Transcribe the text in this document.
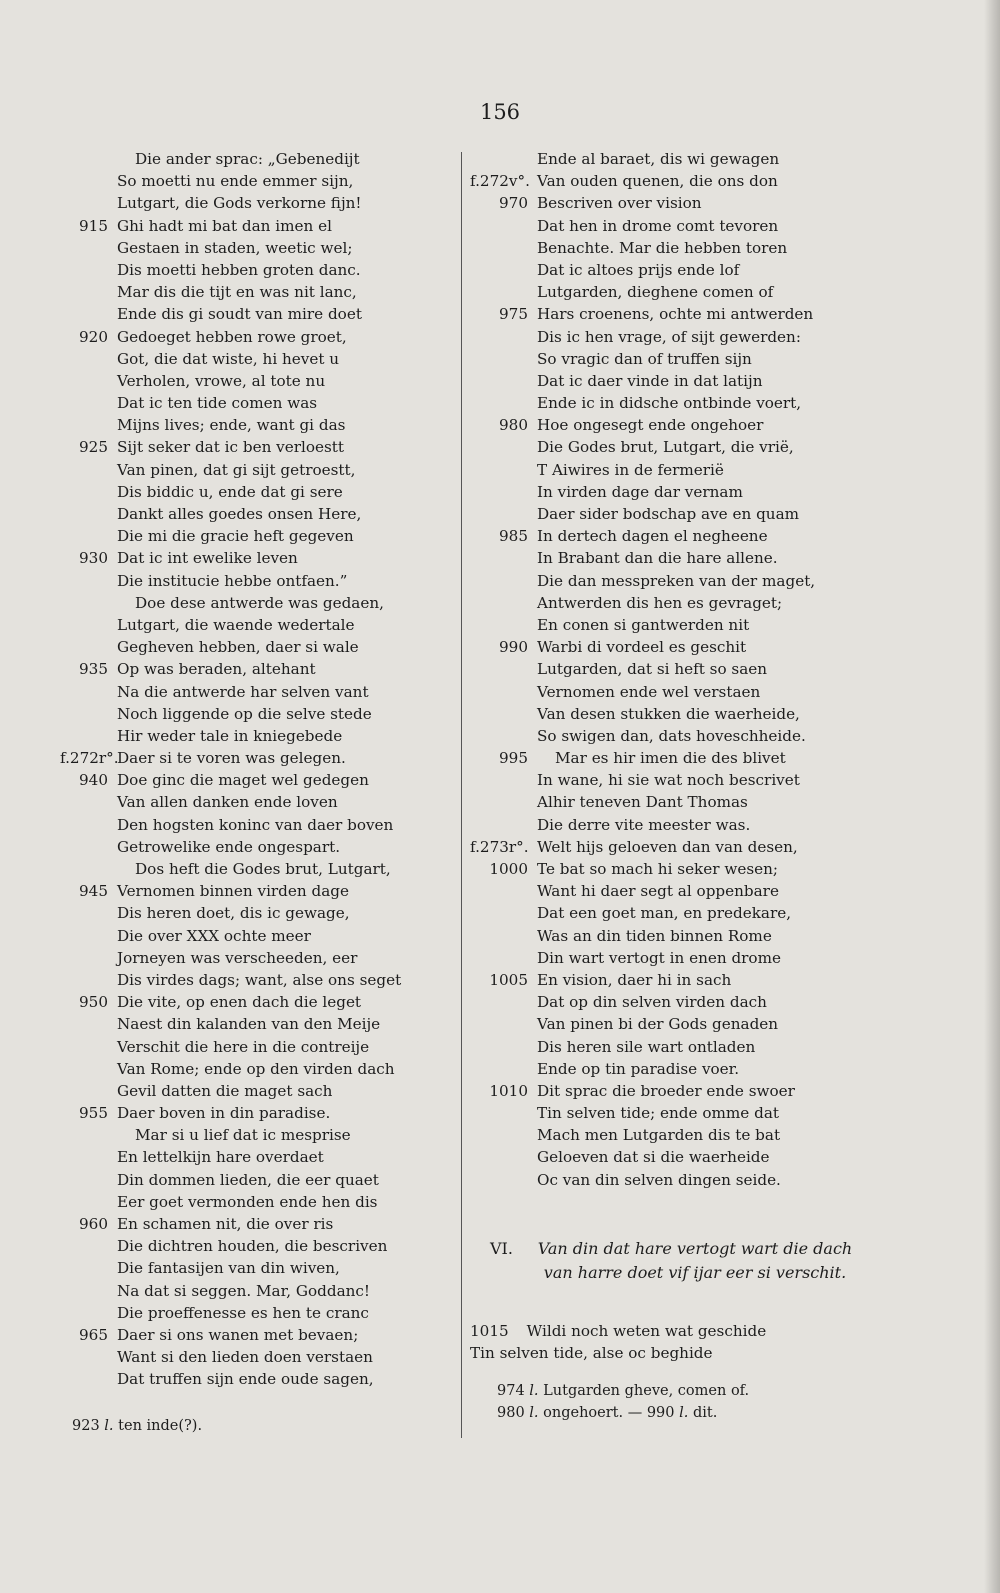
156
Die ander sprac: „Gebenedijt
So moetti nu ende emmer sijn,
Lutgart, die Gods verkorne fijn!
915 Ghi hadt mi bat dan imen el
Gestaen in staden, weetic wel;
Dis moetti hebben groten danc.
Mar dis die tijt en was nit lanc,
Ende dis gi soudt van mire doet
920 Gedoeget hebben rowe groet,
Got, die dat wiste, hi hevet u
Verholen, vrowe, al tote nu
Dat ic ten tide comen was
Mijns lives; ende, want gi das
925 Sijt seker dat ic ben verloestt
Van pinen, dat gi sijt getroestt,
Dis biddic u, ende dat gi sere
Dankt alles goedes onsen Here,
Die mi die gracie heft gegeven
930 Dat ic int ewelike leven
Die institucie hebbe ontfaen.”
Doe dese antwerde was gedaen,
Lutgart, die waende wedertale
Gegheven hebben, daer si wale
935 Op was beraden, altehant
Na die antwerde har selven vant
Noch liggende op die selve stede
Hir weder tale in kniegebede
f.272r°.Daer si te voren was gelegen.
940 Doe ginc die maget wel gedegen
Van allen danken ende loven
Den hogsten koninc van daer boven
Getrowelike ende ongespart.
Dos heft die Godes brut, Lutgart,
945 Vernomen binnen virden dage
Dis heren doet, dis ic gewage,
Die over XXX ochte meer
Jorneyen was verscheeden, eer
Dis virdes dags; want, alse ons seget
950 Die vite, op enen dach die leget
Naest din kalanden van den Meije
Verschit die here in die contreije
Van Rome; ende op den virden dach
Gevil datten die maget sach
955 Daer boven in din paradise.
Mar si u lief dat ic mesprise
En lettelkijn hare overdaet
Din dommen lieden, die eer quaet
Eer goet vermonden ende hen dis
960 En schamen nit, die over ris
Die dichtren houden, die bescriven
Die fantasijen van din wiven,
Na dat si seggen. Mar, Goddanc!
Die proeffenesse es hen te cranc
965 Daer si ons wanen met bevaen;
Want si den lieden doen verstaen
Dat truffen sijn ende oude sagen,
Ende al baraet, dis wi gewagen
f.272v°. Van ouden quenen, die ons don
970 Bescriven over vision
Dat hen in drome comt tevoren
Benachte. Mar die hebben toren
Dat ic altoes prijs ende lof
Lutgarden, dieghene comen of
975 Hars croenens, ochte mi antwerden
Dis ic hen vrage, of sijt gewerden:
So vragic dan of truffen sijn
Dat ic daer vinde in dat latijn
Ende ic in didsche ontbinde voert,
980 Hoe ongesegt ende ongehoer
Die Godes brut, Lutgart, die vrië,
T Aiwires in de fermerië
In virden dage dar vernam
Daer sider bodschap ave en quam
985 In dertech dagen el negheene
In Brabant dan die hare allene.
Die dan messpreken van der maget,
Antwerden dis hen es gevraget;
En conen si gantwerden nit
990 Warbi di vordeel es geschit
Lutgarden, dat si heft so saen
Vernomen ende wel verstaen
Van desen stukken die waerheide,
So swigen dan, dats hoveschheide.
995 Mar es hir imen die des blivet
In wane, hi sie wat noch bescrivet
Alhir teneven Dant Thomas
Die derre vite meester was.
f.273r°. Welt hijs geloeven dan van desen,
1000 Te bat so mach hi seker wesen;
Want hi daer segt al oppenbare
Dat een goet man, en predekare,
Was an din tiden binnen Rome
Din wart vertogt in enen drome
1005 En vision, daer hi in sach
Dat op din selven virden dach
Van pinen bi der Gods genaden
Dis heren sile wart ontladen
Ende op tin paradise voer.
1010 Dit sprac die broeder ende swoer
Tin selven tide; ende omme dat
Mach men Lutgarden dis te bat
Geloeven dat si die waerheide
Oc van din selven dingen seide.
VI.	Van din dat hare vertogt wart die dach van harre doet vif ijar eer si verschit.
1015 Wildi noch weten wat geschide
Tin selven tide, alse oc beghide
923 l. ten inde(?).
974 l. Lutgarden gheve, comen of.
980 l. ongehoert. — 990 l. dit.
